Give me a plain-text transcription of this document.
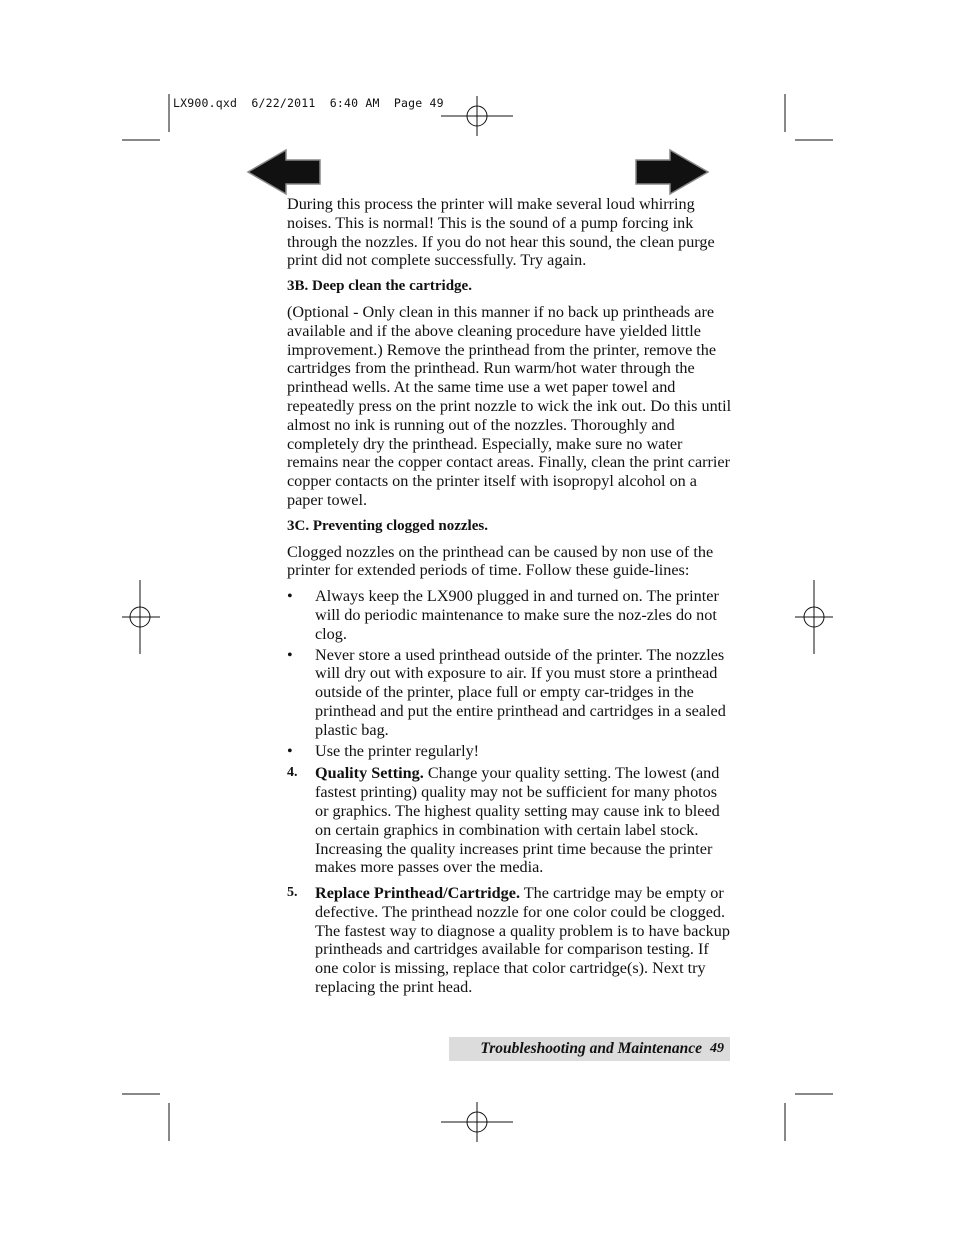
LX900.qxd  6/22/2011  6:40 AM  Page 49

During this process the printer will make several loud whirring noises. This is normal! This is the sound of a pump forcing ink through the nozzles. If you do not hear this sound, the clean purge print did not complete successfully. Try again.

3B. Deep clean the cartridge.

(Optional - Only clean in this manner if no back up printheads are available and if the above cleaning procedure have yielded little improvement.) Remove the printhead from the printer, remove the cartridges from the printhead. Run warm/hot water through the printhead wells. At the same time use a wet paper towel and repeatedly press on the print nozzle to wick the ink out. Do this until almost no ink is running out of the nozzles. Thoroughly and completely dry the printhead. Especially, make sure no water remains near the copper contact areas. Finally, clean the print carrier copper contacts on the printer itself with isopropyl alcohol on a paper towel.

3C. Preventing clogged nozzles.

Clogged nozzles on the printhead can be caused by non use of the printer for extended periods of time. Follow these guide-lines:

• Always keep the LX900 plugged in and turned on. The printer will do periodic maintenance to make sure the noz-zles do not clog.
• Never store a used printhead outside of the printer. The nozzles will dry out with exposure to air. If you must store a printhead outside of the printer, place full or empty car-tridges in the printhead and put the entire printhead and cartridges in a sealed plastic bag.
• Use the printer regularly!
4. Quality Setting. Change your quality setting. The lowest (and fastest printing) quality may not be sufficient for many photos or graphics. The highest quality setting may cause ink to bleed on certain graphics in combination with certain label stock. Increasing the quality increases print time because the printer makes more passes over the media.
5. Replace Printhead/Cartridge. The cartridge may be empty or defective. The printhead nozzle for one color could be clogged. The fastest way to diagnose a quality problem is to have backup printheads and cartridges available for comparison testing. If one color is missing, replace that color cartridge(s). Next try replacing the print head.
Troubleshooting and Maintenance 49
